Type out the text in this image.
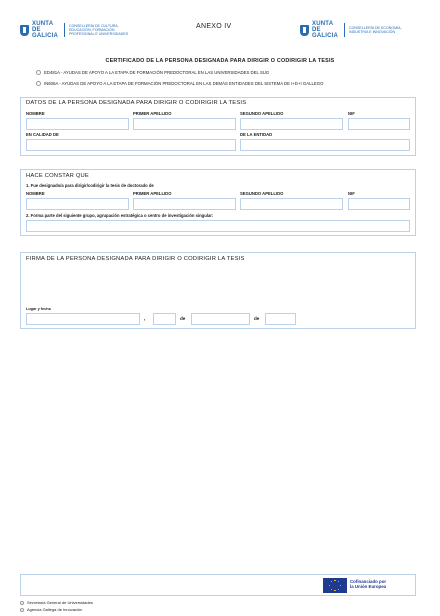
XUNTA DE GALICIA
CONSELLERÍA DE CULTURA, EDUCACIÓN, FORMACIÓN PROFESIONAL E UNIVERSIDADES
ANEXO IV	XUNTA DE GALICIA
CONSELLERÍA DE ECONOMÍA, INDUSTRIA E INNOVACIÓN
CERTIFICADO DE LA PERSONA DESIGNADA PARA DIRIGIR O CODIRIGIR LA TESIS
ED481A - AYUDAS DE APOYO A LA ETAPA DE FORMACIÓN PREDOCTORAL EN LAS UNIVERSIDADES DEL SUG
IN606A - AYUDAS DE APOYO A LA ETAPA DE FORMACIÓN PREDOCTORAL EN LAS DEMÁS ENTIDADES DEL SISTEMA DE I+D+I GALLEGO
DATOS DE LA PERSONA DESIGNADA PARA DIRIGIR O CODIRIGIR LA TESIS
NOMBRE	PRIMER APELLIDO	SEGUNDO APELLIDO	NIF
EN CALIDAD DE	DE LA ENTIDAD
HACE CONSTAR QUE
1. Fue designado/a para dirigir/codirigir la tesis de doctorado de
NOMBRE	PRIMER APELLIDO	SEGUNDO APELLIDO	NIF
2. Forma parte del siguiente grupo, agrupación estratégica o centro de investigación singular:
FIRMA DE LA PERSONA DESIGNADA PARA DIRIGIR O CODIRIGIR LA TESIS
Lugar y fecha
,	de	de
Cofinanciado por
la Unión Europea
Secretaría General de Universidades
Agencia Gallega de Innovación
